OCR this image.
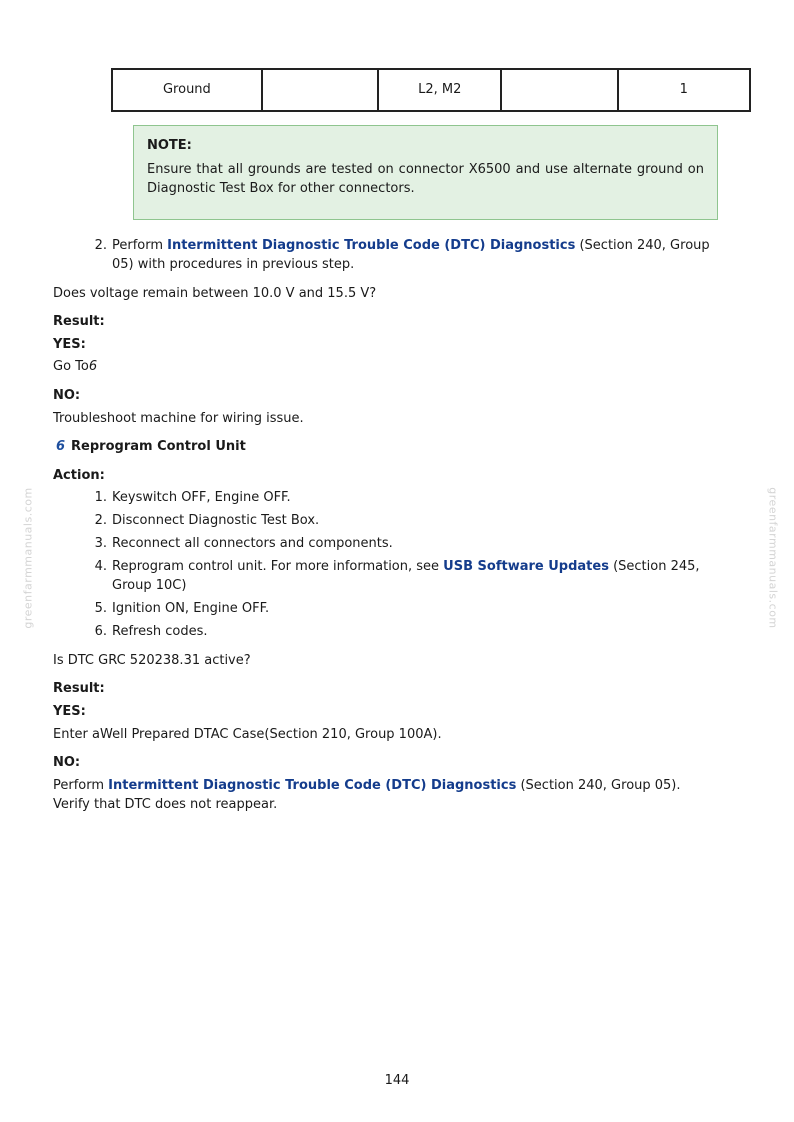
Ground		L2, M2		1
NOTE:
Ensure that all grounds are tested on connector X6500 and use alternate ground on Diagnostic Test Box for other connectors.
2. Perform Intermittent Diagnostic Trouble Code (DTC) Diagnostics (Section 240, Group 05) with procedures in previous step.
Does voltage remain between 10.0 V and 15.5 V?
Result:
YES:
Go To6
NO:
Troubleshoot machine for wiring issue.
6 Reprogram Control Unit
Action:
1. Keyswitch OFF, Engine OFF.
2. Disconnect Diagnostic Test Box.
3. Reconnect all connectors and components.
4. Reprogram control unit. For more information, see USB Software Updates (Section 245, Group 10C)
5. Ignition ON, Engine OFF.
6. Refresh codes.
Is DTC GRC 520238.31 active?
Result:
YES:
Enter aWell Prepared DTAC Case(Section 210, Group 100A).
NO:
Perform Intermittent Diagnostic Trouble Code (DTC) Diagnostics (Section 240, Group 05).
Verify that DTC does not reappear.
greenfarmmanuals.com	greenfarmmanuals.com
144
